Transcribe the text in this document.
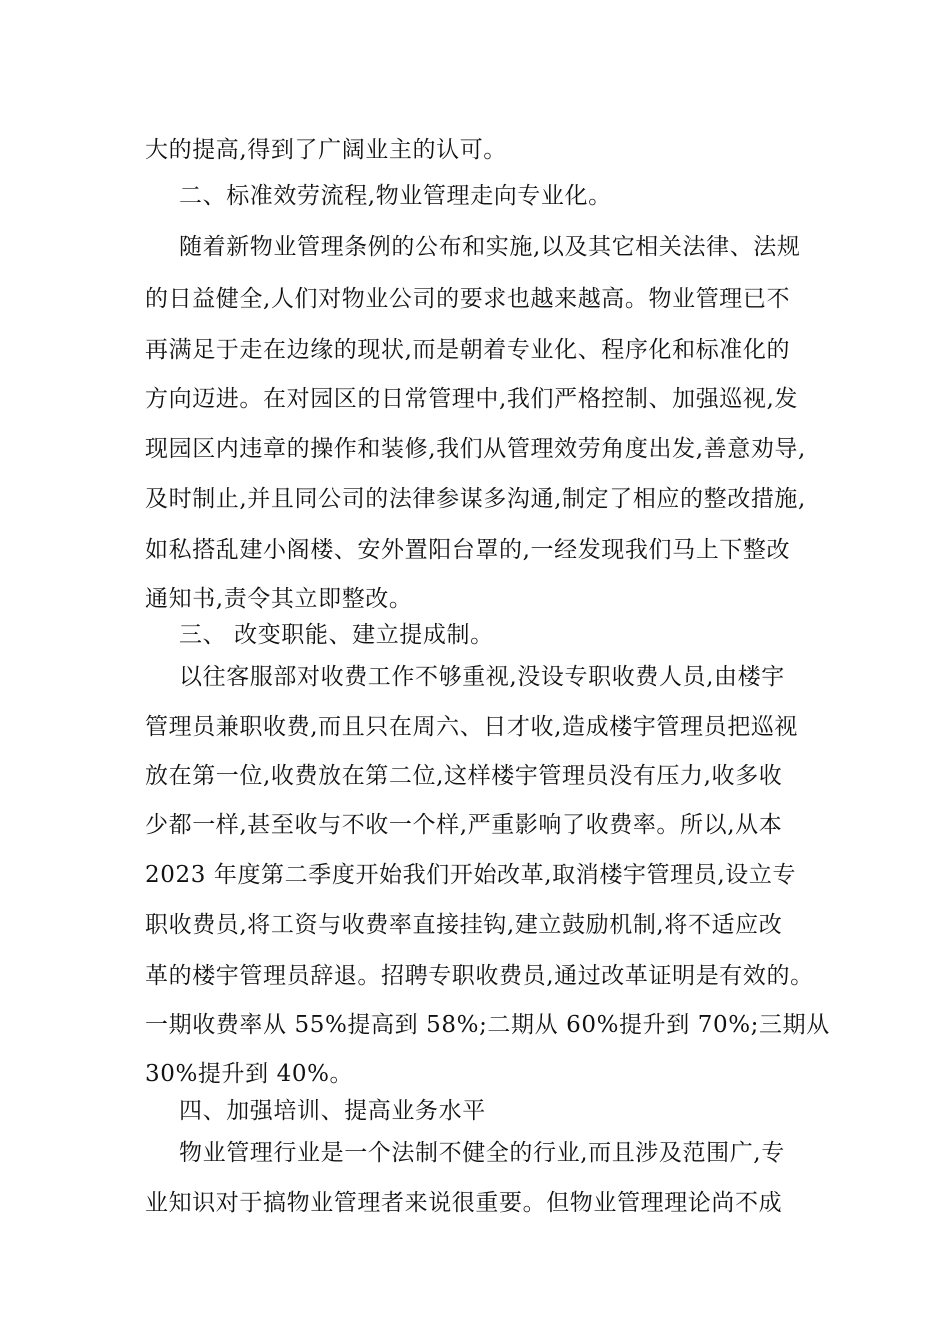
大的提高,得到了广阔业主的认可。
二、标准效劳流程,物业管理走向专业化。
随着新物业管理条例的公布和实施,以及其它相关法律、法规
的日益健全,人们对物业公司的要求也越来越高。物业管理已不
再满足于走在边缘的现状,而是朝着专业化、程序化和标准化的
方向迈进。在对园区的日常管理中,我们严格控制、加强巡视,发
现园区内违章的操作和装修,我们从管理效劳角度出发,善意劝导,
及时制止,并且同公司的法律参谋多沟通,制定了相应的整改措施,
如私搭乱建小阁楼、安外置阳台罩的,一经发现我们马上下整改
通知书,责令其立即整改。
三、 改变职能、建立提成制。
以往客服部对收费工作不够重视,没设专职收费人员,由楼宇
管理员兼职收费,而且只在周六、日才收,造成楼宇管理员把巡视
放在第一位,收费放在第二位,这样楼宇管理员没有压力,收多收
少都一样,甚至收与不收一个样,严重影响了收费率。所以,从本
2023 年度第二季度开始我们开始改革,取消楼宇管理员,设立专
职收费员,将工资与收费率直接挂钩,建立鼓励机制,将不适应改
革的楼宇管理员辞退。招聘专职收费员,通过改革证明是有效的。
一期收费率从 55%提高到 58%;二期从 60%提升到 70%;三期从
30%提升到 40%。
四、加强培训、提高业务水平
物业管理行业是一个法制不健全的行业,而且涉及范围广,专
业知识对于搞物业管理者来说很重要。但物业管理理论尚不成
